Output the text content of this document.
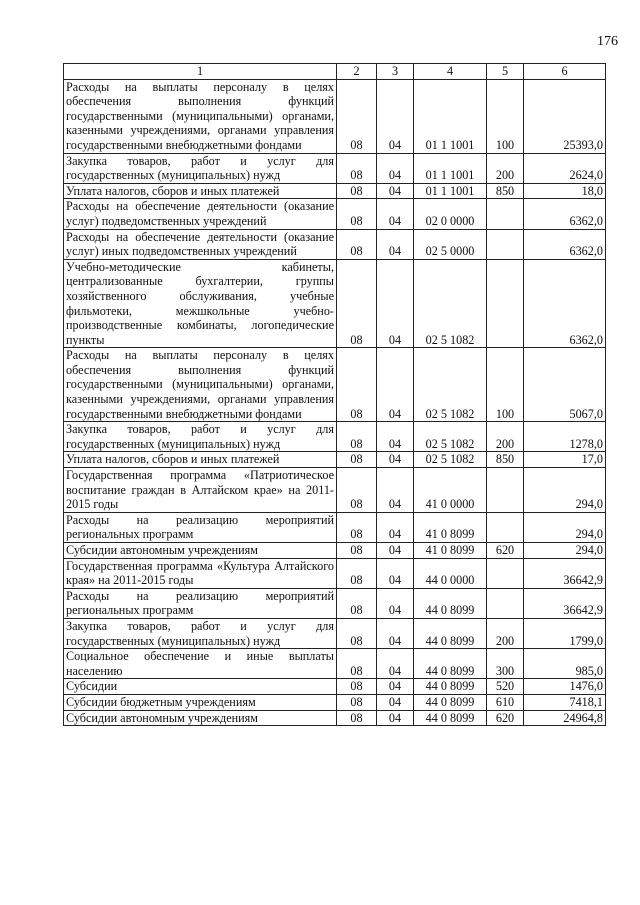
176
1	2	3	4	5	6
Расходы на выплаты персоналу в целях обеспечения выполнения функций государственными (муниципальными) органами, казенными учреждениями, органами управления государственными внебюджетными фондами	08	04	01 1 1001	100	25393,0
Закупка товаров, работ и услуг для государственных (муниципальных) нужд	08	04	01 1 1001	200	2624,0
Уплата налогов, сборов и иных платежей	08	04	01 1 1001	850	18,0
Расходы на обеспечение деятельности (оказание услуг) подведомственных учреждений	08	04	02 0 0000		6362,0
Расходы на обеспечение деятельности (оказание услуг) иных подведомственных учреждений	08	04	02 5 0000		6362,0
Учебно-методические кабинеты, централизованные бухгалтерии, группы хозяйственного обслуживания, учебные фильмотеки, межшкольные учебно-производственные комбинаты, логопедические пункты	08	04	02 5 1082		6362,0
Расходы на выплаты персоналу в целях обеспечения выполнения функций государственными (муниципальными) органами, казенными учреждениями, органами управления государственными внебюджетными фондами	08	04	02 5 1082	100	5067,0
Закупка товаров, работ и услуг для государственных (муниципальных) нужд	08	04	02 5 1082	200	1278,0
Уплата налогов, сборов и иных платежей	08	04	02 5 1082	850	17,0
Государственная программа «Патриотическое воспитание граждан в Алтайском крае» на 2011-2015 годы	08	04	41 0 0000		294,0
Расходы на реализацию мероприятий региональных программ	08	04	41 0 8099		294,0
Субсидии автономным учреждениям	08	04	41 0 8099	620	294,0
Государственная программа «Культура Алтайского края» на 2011-2015 годы	08	04	44 0 0000		36642,9
Расходы на реализацию мероприятий региональных программ	08	04	44 0 8099		36642,9
Закупка товаров, работ и услуг для государственных (муниципальных) нужд	08	04	44 0 8099	200	1799,0
Социальное обеспечение и иные выплаты населению	08	04	44 0 8099	300	985,0
Субсидии	08	04	44 0 8099	520	1476,0
Субсидии бюджетным учреждениям	08	04	44 0 8099	610	7418,1
Субсидии автономным учреждениям	08	04	44 0 8099	620	24964,8
